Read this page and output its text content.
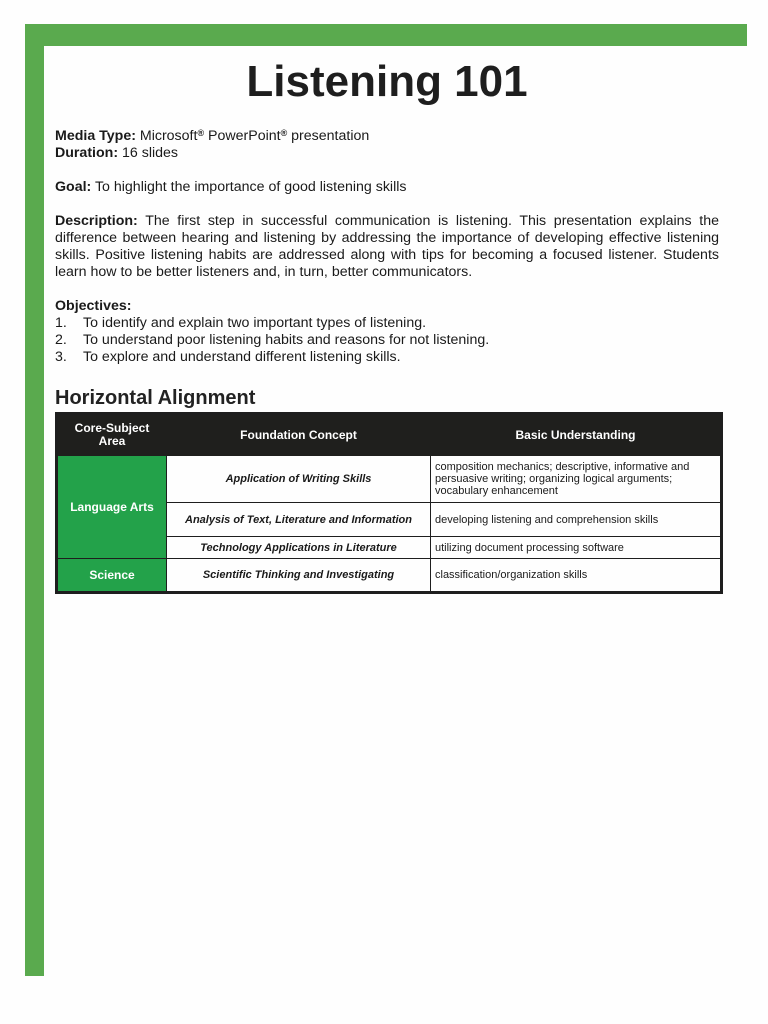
Listening 101

Media Type: Microsoft® PowerPoint® presentation

Duration: 16 slides

Goal: To highlight the importance of good listening skills

Description: The first step in successful communication is listening. This presentation explains the difference between hearing and listening by addressing the importance of developing effective listening skills. Positive listening habits are addressed along with tips for becoming a focused listener. Students learn how to be better listeners and, in turn, better communicators.

Objectives:

1.	To identify and explain two important types of listening.
2.	To understand poor listening habits and reasons for not listening.
3.	To explore and understand different listening skills.
Horizontal Alignment
Core-Subject Area	Foundation Concept	Basic Understanding
Language Arts	Application of Writing Skills	composition mechanics; descriptive, informative and persuasive writing; organizing logical arguments; vocabulary enhancement
	Analysis of Text, Literature and Information	developing listening and comprehension skills
	Technology Applications in Literature	utilizing document processing software
Science	Scientific Thinking and Investigating	classification/organization skills
